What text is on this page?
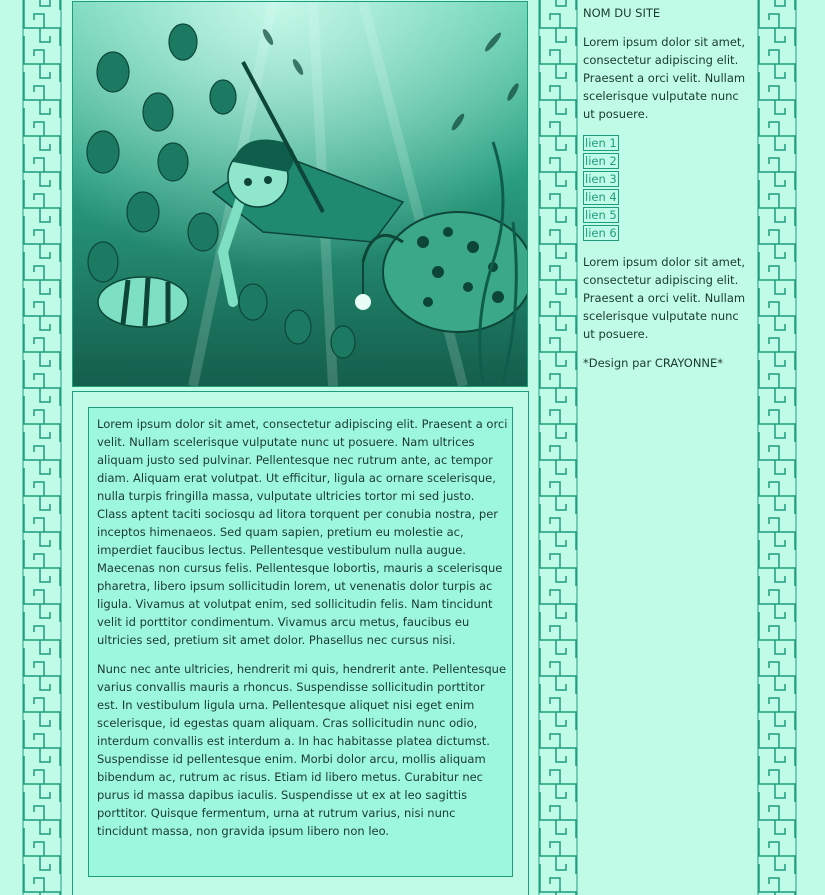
Lorem ipsum dolor sit amet, consectetur adipiscing elit. Praesent a orci velit. Nullam scelerisque vulputate nunc ut posuere. Nam ultrices aliquam justo sed pulvinar. Pellentesque nec rutrum ante, ac tempor diam. Aliquam erat volutpat. Ut efficitur, ligula ac ornare scelerisque, nulla turpis fringilla massa, vulputate ultricies tortor mi sed justo. Class aptent taciti sociosqu ad litora torquent per conubia nostra, per inceptos himenaeos. Sed quam sapien, pretium eu molestie ac, imperdiet faucibus lectus. Pellentesque vestibulum nulla augue. Maecenas non cursus felis. Pellentesque lobortis, mauris a scelerisque pharetra, libero ipsum sollicitudin lorem, ut venenatis dolor turpis ac ligula. Vivamus at volutpat enim, sed sollicitudin felis. Nam tincidunt velit id porttitor condimentum. Vivamus arcu metus, faucibus eu ultricies sed, pretium sit amet dolor. Phasellus nec cursus nisi.

Nunc nec ante ultricies, hendrerit mi quis, hendrerit ante. Pellentesque varius convallis mauris a rhoncus. Suspendisse sollicitudin porttitor est. In vestibulum ligula urna. Pellentesque aliquet nisi eget enim scelerisque, id egestas quam aliquam. Cras sollicitudin nunc odio, interdum convallis est interdum a. In hac habitasse platea dictumst. Suspendisse id pellentesque enim. Morbi dolor arcu, mollis aliquam bibendum ac, rutrum ac risus. Etiam id libero metus. Curabitur nec purus id massa dapibus iaculis. Suspendisse ut ex at leo sagittis porttitor. Quisque fermentum, urna at rutrum varius, nisi nunc tincidunt massa, non gravida ipsum libero non leo.

NOM DU SITE

Lorem ipsum dolor sit amet, consectetur adipiscing elit. Praesent a orci velit. Nullam scelerisque vulputate nunc ut posuere.

lien 1
lien 2
lien 3
lien 4
lien 5
lien 6

Lorem ipsum dolor sit amet, consectetur adipiscing elit. Praesent a orci velit. Nullam scelerisque vulputate nunc ut posuere.

*Design par CRAYONNE*
